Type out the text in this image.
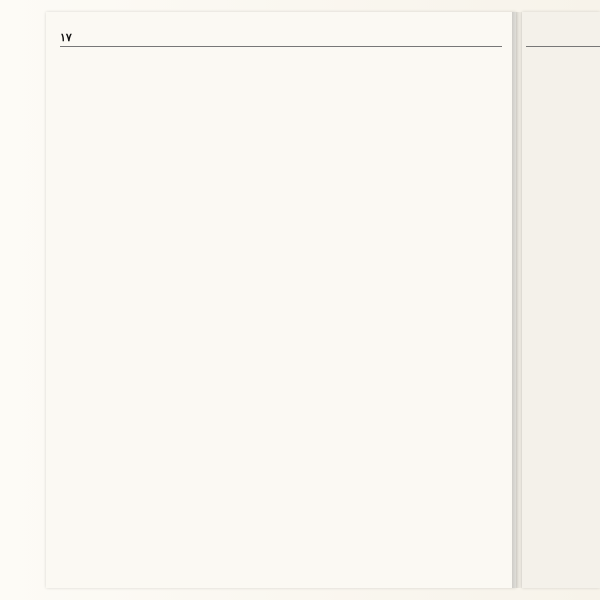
١٧
